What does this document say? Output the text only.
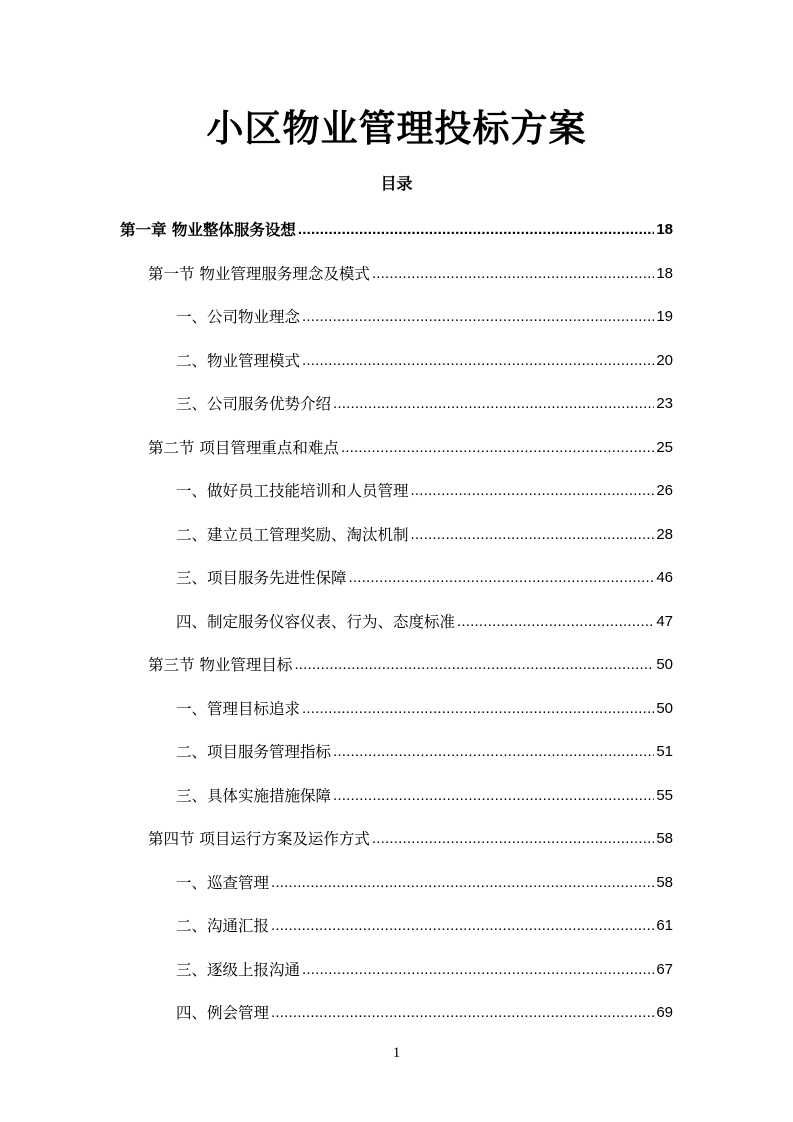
小区物业管理投标方案
目录
第一章 物业整体服务设想 .....	18
第一节 物业管理服务理念及模式 .....	18
一、公司物业理念 .....	19
二、物业管理模式 .....	20
三、公司服务优势介绍 .....	23
第二节 项目管理重点和难点 .....	25
一、做好员工技能培训和人员管理 .....	26
二、建立员工管理奖励、淘汰机制 .....	28
三、项目服务先进性保障 .....	46
四、制定服务仪容仪表、行为、态度标准 .....	47
第三节 物业管理目标 .....	50
一、管理目标追求 .....	50
二、项目服务管理指标 .....	51
三、具体实施措施保障 .....	55
第四节 项目运行方案及运作方式 .....	58
一、巡查管理 .....	58
二、沟通汇报 .....	61
三、逐级上报沟通 .....	67
四、例会管理 .....	69
1
